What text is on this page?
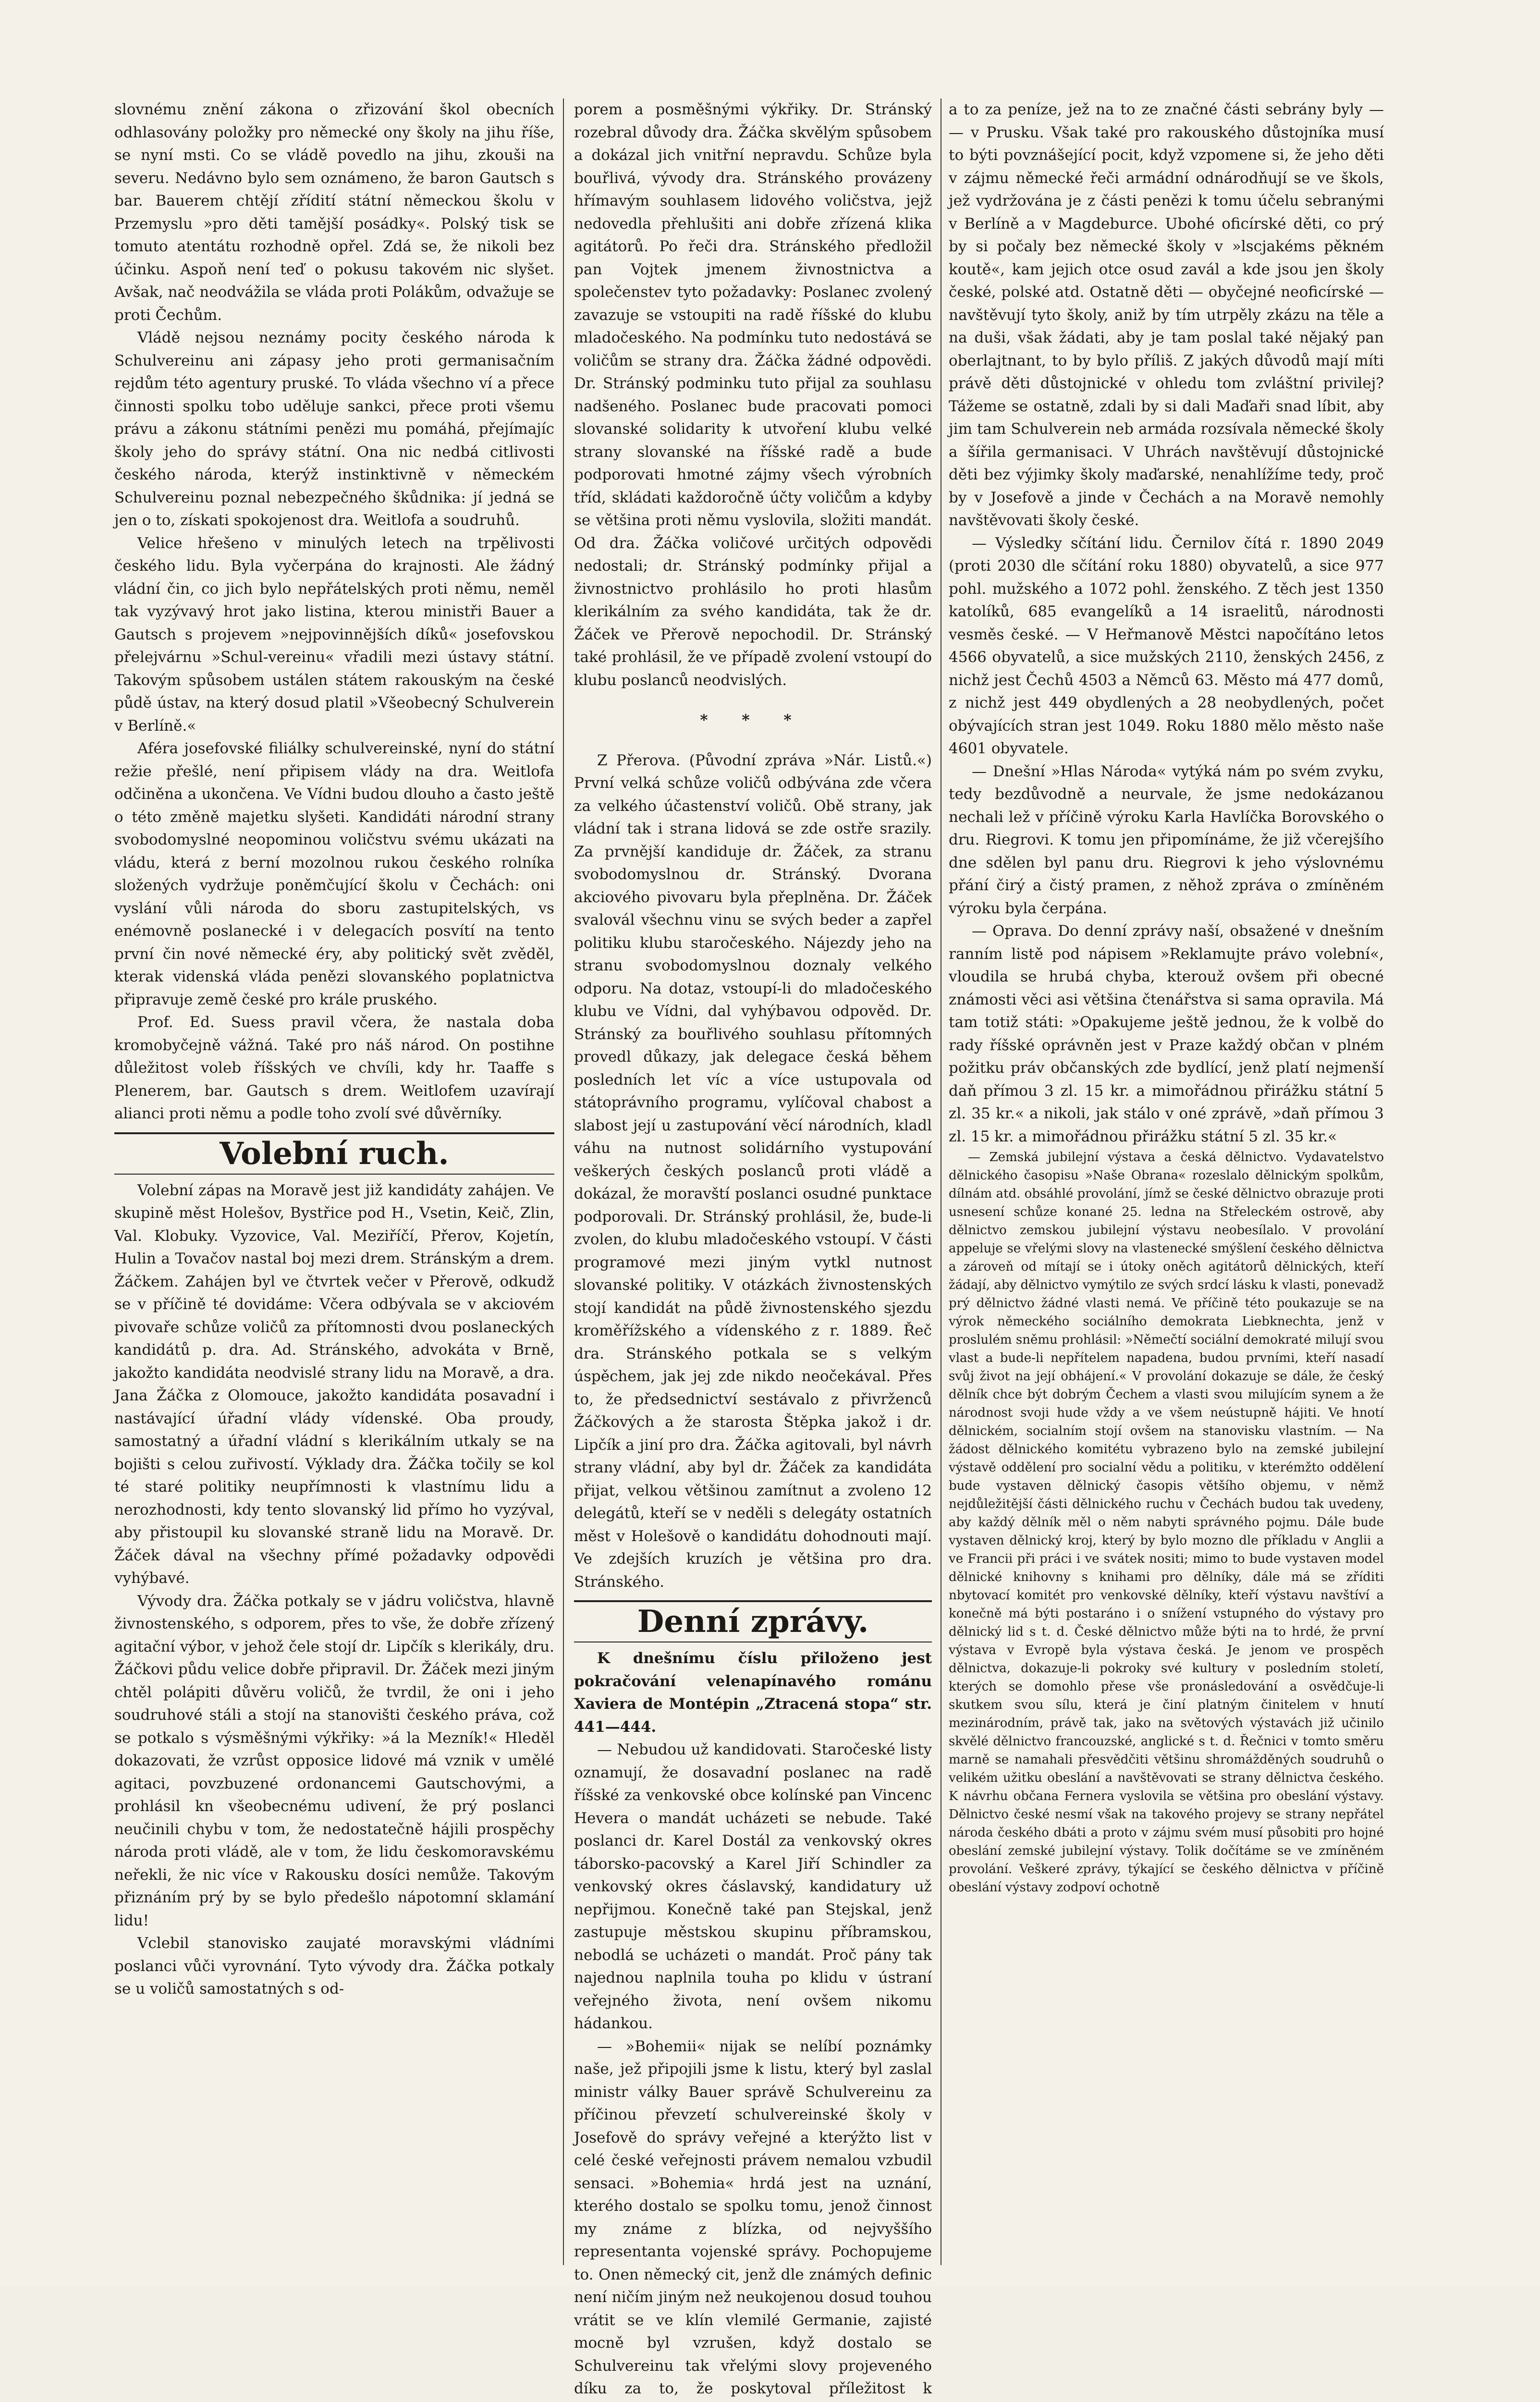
slovnému znění zákona o zřizování škol obecních odhlasovány položky pro německé ony školy na jihu říše, se nyní msti. Co se vládě povedlo na jihu, zkouši na severu. Nedávno bylo sem oznámeno, že baron Gautsch s bar. Bauerem chtějí zřídití státní německou školu v Przemyslu »pro děti tamější posádky«. Polský tisk se tomuto atentátu rozhodně opřel. Zdá se, že nikoli bez účinku. Aspoň není teď o pokusu takovém nic slyšet. Avšak, nač neodvážila se vláda proti Polákům, odvažuje se proti Čechům.

Vládě nejsou neznámy pocity českého národa k Schulvereinu ani zápasy jeho proti germanisačním rejdům této agentury pruské. To vláda všechno ví a přece činnosti spolku tobo uděluje sankci, přece proti všemu právu a zákonu státními penězi mu pomáhá, přejímajíc školy jeho do správy státní. Ona nic nedbá citlivosti českého národa, kterýž instinktivně v německém Schulvereinu poznal nebezpečného škůdnika: jí jedná se jen o to, získati spokojenost dra. Weitlofa a soudruhů.

Velice hřešeno v minulých letech na trpělivosti českého lidu. Byla vyčerpána do krajnosti. Ale žádný vládní čin, co jich bylo nepřátelských proti němu, neměl tak vyzývavý hrot jako listina, kterou ministři Bauer a Gautsch s projevem »nejpovinnějších díků« josefovskou přelejvárnu »Schul-vereinu« vřadili mezi ústavy státní. Takovým spůsobem ustálen státem rakouským na české půdě ústav, na který dosud platil »Všeobecný Schulverein v Berlíně.«

Aféra josefovské filiálky schulvereinské, nyní do státní režie přešlé, není připisem vlády na dra. Weitlofa odčiněna a ukončena. Ve Vídni budou dlouho a často ještě o této změně majetku slyšeti. Kandidáti národní strany svobodomyslné neopominou voličstvu svému ukázati na vládu, která z berní mozolnou rukou českého rolníka složených vydržuje poněmčující školu v Čechách: oni vyslání vůli národa do sboru zastupitelských, vs enémovně poslanecké i v delegacích posvítí na tento první čin nové německé éry, aby politický svět zvěděl, kterak videnská vláda penězi slovanského poplatnictva připravuje země české pro krále pruského.

Prof. Ed. Suess pravil včera, že nastala doba kromobyčejně vážná. Také pro náš národ. On postihne důležitost voleb říšských ve chvíli, kdy hr. Taaffe s Plenerem, bar. Gautsch s drem. Weitlofem uzavírají alianci proti němu a podle toho zvolí své důvěrníky.

Volební ruch.

Volební zápas na Moravě jest již kandidáty zahájen. Ve skupině měst Holešov, Bystřice pod H., Vsetin, Keič, Zlin, Val. Klobuky. Vyzovice, Val. Meziříčí, Přerov, Kojetín, Hulin a Tovačov nastal boj mezi drem. Stránským a drem. Žáčkem. Zahájen byl ve čtvrtek večer v Přerově, odkudž se v příčině té dovidáme: Včera odbývala se v akciovém pivovaře schůze voličů za přítomnosti dvou poslaneckých kandidátů p. dra. Ad. Stránského, advokáta v Brně, jakožto kandidáta neodvislé strany lidu na Moravě, a dra. Jana Žáčka z Olomouce, jakožto kandidáta posavadní i nastávající úřadní vlády vídenské. Oba proudy, samostatný a úřadní vládní s klerikálním utkaly se na bojišti s celou zuřivostí. Výklady dra. Žáčka točily se kol té staré politiky neupřímnosti k vlastnímu lidu a nerozhodnosti, kdy tento slovanský lid přímo ho vyzýval, aby přistoupil ku slovanské straně lidu na Moravě. Dr. Žáček dával na všechny přímé požadavky odpovědi vyhýbavé.

Vývody dra. Žáčka potkaly se v jádru voličstva, hlavně živnostenského, s odporem, přes to vše, že dobře zřízený agitační výbor, v jehož čele stojí dr. Lipčík s klerikály, dru. Žáčkovi půdu velice dobře připravil. Dr. Žáček mezi jiným chtěl polápiti důvěru voličů, že tvrdil, že oni i jeho soudruhové stáli a stojí na stanovišti českého práva, což se potkalo s výsměšnými výkřiky: »á la Mezník!« Hleděl dokazovati, že vzrůst opposice lidové má vznik v umělé agitaci, povzbuzené ordonancemi Gautschovými, a prohlásil kn všeobecnému udivení, že prý poslanci neučinili chybu v tom, že nedostatečně hájili prospěchy národa proti vládě, ale v tom, že lidu českomoravskému neřekli, že nic více v Rakousku dosíci nemůže. Takovým přiznáním prý by se bylo předešlo nápotomní sklamání lidu!

Vclebil stanovisko zaujaté moravskými vládními poslanci vůči vyrovnání. Tyto vývody dra. Žáčka potkaly se u voličů samostatných s od-

porem a posměšnými výkřiky. Dr. Stránský rozebral důvody dra. Žáčka skvělým spůsobem a dokázal jich vnitřní nepravdu. Schůze byla bouřlivá, vývody dra. Stránského provázeny hřímavým souhlasem lidového voličstva, jejž nedovedla přehlušiti ani dobře zřízená klika agitátorů. Po řeči dra. Stránského předložil pan Vojtek jmenem živnostnictva a společenstev tyto požadavky: Poslanec zvolený zavazuje se vstoupiti na radě říšské do klubu mladočeského. Na podmínku tuto nedostává se voličům se strany dra. Žáčka žádné odpovědi. Dr. Stránský podminku tuto přijal za souhlasu nadšeného. Poslanec bude pracovati pomoci slovanské solidarity k utvoření klubu velké strany slovanské na říšské radě a bude podporovati hmotné zájmy všech výrobních tříd, skládati každoročně účty voličům a kdyby se většina proti němu vyslovila, složiti mandát. Od dra. Žáčka voličové určitých odpovědi nedostali; dr. Stránský podmínky přijal a živnostnictvo prohlásilo ho proti hlasům klerikálním za svého kandidáta, tak že dr. Žáček ve Přerově nepochodil. Dr. Stránský také prohlásil, že ve případě zvolení vstoupí do klubu poslanců neodvislých.

* * *

Z Přerova. (Původní zpráva »Nár. Listů.«) První velká schůze voličů odbývána zde včera za velkého účastenství voličů. Obě strany, jak vládní tak i strana lidová se zde ostře srazily. Za prvnější kandiduje dr. Žáček, za stranu svobodomyslnou dr. Stránský. Dvorana akciového pivovaru byla přeplněna. Dr. Žáček svalovál všechnu vinu se svých beder a zapřel politiku klubu staročeského. Nájezdy jeho na stranu svobodomyslnou doznaly velkého odporu. Na dotaz, vstoupí-li do mladočeského klubu ve Vídni, dal vyhýbavou odpověd. Dr. Stránský za bouřlivého souhlasu přítomných provedl důkazy, jak delegace česká během posledních let víc a více ustupovala od státoprávního programu, vylíčoval chabost a slabost její u zastupování věcí národních, kladl váhu na nutnost solidárního vystupování veškerých českých poslanců proti vládě a dokázal, že moravští poslanci osudné punktace podporovali. Dr. Stránský prohlásil, že, bude-li zvolen, do klubu mladočeského vstoupí. V části programové mezi jiným vytkl nutnost slovanské politiky. V otázkách živnostenských stojí kandidát na půdě živnostenského sjezdu kroměřížského a vídenského z r. 1889. Řeč dra. Stránského potkala se s velkým úspěchem, jak jej zde nikdo neočekával. Přes to, že předsednictví sestávalo z přivrženců Žáčkových a že starosta Štěpka jakož i dr. Lipčík a jiní pro dra. Žáčka agitovali, byl návrh strany vládní, aby byl dr. Žáček za kandidáta přijat, velkou většinou zamítnut a zvoleno 12 delegátů, kteří se v neděli s delegáty ostatních měst v Holešově o kandidátu dohodnouti mají. Ve zdejších kruzích je většina pro dra. Stránského.

Denní zprávy.

K dnešnímu číslu přiloženo jest pokračování velenapínavého románu Xaviera de Montépin „Ztracená stopa“ str. 441—444.

— Nebudou už kandidovati. Staročeské listy oznamují, že dosavadní poslanec na radě říšské za venkovské obce kolínské pan Vincenc Hevera o mandát ucházeti se nebude. Také poslanci dr. Karel Dostál za venkovský okres táborsko-pacovský a Karel Jiří Schindler za venkovský okres čáslavský, kandidatury už nepřijmou. Konečně také pan Stejskal, jenž zastupuje městskou skupinu příbramskou, nebodlá se ucházeti o mandát. Proč pány tak najednou naplnila touha po klidu v ústraní veřejného života, není ovšem nikomu hádankou.

— »Bohemii« nijak se nelíbí poznámky naše, jež připojili jsme k listu, který byl zaslal ministr války Bauer správě Schulvereinu za příčinou převzetí schulvereinské školy v Josefově do správy veřejné a kterýžto list v celé české veřejnosti právem nemalou vzbudil sensaci. »Bohemia« hrdá jest na uznání, kterého dostalo se spolku tomu, jenož činnost my známe z blízka, od nejvyššího representanta vojenské správy. Pochopujeme to. Onen německý cit, jenž dle známých definic není ničím jiným než neukojenou dosud touhou vrátit se ve klín vlemilé Germanie, zajisté mocně byl vzrušen, když dostalo se Schulvereinu tak vřelými slovy projeveného díku za to, že poskytoval příležitost k

a to za peníze, jež na to ze značné části sebrány byly — — v Prusku. Však také pro rakouského důstojníka musí to býti povznášející pocit, když vzpomene si, že jeho děti v zájmu německé řeči armádní odnárodňují se ve škols, jež vydržována je z části penězi k tomu účelu sebranými v Berlíně a v Magdeburce. Ubohé oficírské děti, co prý by si počaly bez německé školy v »lscjakéms pěkném koutě«, kam jejich otce osud zavál a kde jsou jen školy české, polské atd. Ostatně děti — obyčejné neoficírské — navštěvují tyto školy, aniž by tím utrpěly zkázu na těle a na duši, však žádati, aby je tam poslal také nějaký pan oberlajtnant, to by bylo příliš. Z jakých důvodů mají míti právě děti důstojnické v ohledu tom zvláštní privilej? Tážeme se ostatně, zdali by si dali Maďaři snad líbit, aby jim tam Schulverein neb armáda rozsívala německé školy a šířila germanisaci. V Uhrách navštěvují důstojnické děti bez výjimky školy maďarské, nenahlížíme tedy, proč by v Josefově a jinde v Čechách a na Moravě nemohly navštěvovati školy české.

— Výsledky sčítání lidu. Černilov čítá r. 1890 2049 (proti 2030 dle sčítání roku 1880) obyvatelů, a sice 977 pohl. mužského a 1072 pohl. ženského. Z těch jest 1350 katolíků, 685 evangelíků a 14 israelitů, národnosti vesměs české. — V Heřmanově Městci napočítáno letos 4566 obyvatelů, a sice mužských 2110, ženských 2456, z nichž jest Čechů 4503 a Němců 63. Město má 477 domů, z nichž jest 449 obydlených a 28 neobydlených, počet obývajících stran jest 1049. Roku 1880 mělo město naše 4601 obyvatele.

— Dnešní »Hlas Národa« vytýká nám po svém zvyku, tedy bezdůvodně a neurvale, že jsme nedokázanou nechali lež v příčině výroku Karla Havlíčka Borovského o dru. Riegrovi. K tomu jen připomínáme, že již včerejšího dne sdělen byl panu dru. Riegrovi k jeho výslovnému přání čirý a čistý pramen, z něhož zpráva o zmíněném výroku byla čerpána.

— Oprava. Do denní zprávy naší, obsažené v dnešním ranním listě pod nápisem »Reklamujte právo volební«, vloudila se hrubá chyba, kterouž ovšem při obecné známosti věci asi většina čtenářstva si sama opravila. Má tam totiž státi: »Opakujeme ještě jednou, že k volbě do rady říšské oprávněn jest v Praze každý občan v plném požitku práv občanských zde bydlící, jenž platí nejmenší daň přímou 3 zl. 15 kr. a mimořádnou přirážku státní 5 zl. 35 kr.« a nikoli, jak stálo v oné zprávě, »daň přímou 3 zl. 15 kr. a mimořádnou přirážku státní 5 zl. 35 kr.«

— Zemská jubilejní výstava a česká dělnictvo. Vydavatelstvo dělnického časopisu »Naše Obrana« rozeslalo dělnickým spolkům, dílnám atd. obsáhlé provolání, jímž se české dělnictvo obrazuje proti usnesení schůze konané 25. ledna na Střeleckém ostrově, aby dělnictvo zemskou jubilejní výstavu neobesílalo. V provolání appeluje se vřelými slovy na vlastenecké smýšlení českého dělnictva a zároveň od mítají se i útoky oněch agitátorů dělnických, kteří žádají, aby dělnictvo vymýtilo ze svých srdcí lásku k vlasti, ponevadž prý dělnictvo žádné vlasti nemá. Ve příčině této poukazuje se na výrok německého sociálního demokrata Liebknechta, jenž v proslulém sněmu prohlásil: »Němečtí sociální demokraté milují svou vlast a bude-li nepřítelem napadena, budou prvními, kteří nasadí svůj život na její obhájení.« V provolání dokazuje se dále, že český dělník chce být dobrým Čechem a vlasti svou milujícím synem a že národnost svoji hude vždy a ve všem neústupně hájiti. Ve hnotí dělnickém, socialním stojí ovšem na stanovisku vlastním. — Na žádost dělnického komitétu vybrazeno bylo na zemské jubilejní výstavě oddělení pro socialní vědu a politiku, v kterémžto oddělení bude vystaven dělnický časopis většího objemu, v němž nejdůležitější části dělnického ruchu v Čechách budou tak uvedeny, aby každý dělník měl o něm nabyti správného pojmu. Dále bude vystaven dělnický kroj, který by bylo mozno dle příkladu v Anglii a ve Francii při práci i ve svátek nositi; mimo to bude vystaven model dělnické knihovny s knihami pro dělníky, dále má se zříditi nbytovací komitét pro venkovské dělníky, kteří výstavu navštíví a konečně má býti postaráno i o snížení vstupného do výstavy pro dělnický lid s t. d. České dělnictvo může býti na to hrdé, že první výstava v Evropě byla výstava česká. Je jenom ve prospěch dělnictva, dokazuje-li pokroky své kultury v posledním století, kterých se domohlo přese vše pronásledování a osvědčuje-li skutkem svou sílu, která je činí platným činitelem v hnutí mezinárodním, právě tak, jako na světových výstavách již učinilo skvělé dělnictvo francouzské, anglické s t. d. Řečnici v tomto směru marně se namahali přesvědčiti většinu shromážděných soudruhů o velikém užitku obeslání a navštěvovati se strany dělnictva českého. K návrhu občana Fernera vyslovila se většina pro obeslání výstavy. Dělnictvo české nesmí však na takového projevy se strany nepřátel národa českého dbáti a proto v zájmu svém musí působiti pro hojné obeslání zemské jubilejní výstavy. Tolik dočítáme se ve zmíněném provolání. Veškeré zprávy, týkající se českého dělnictva v příčině obeslání výstavy zodpoví ochotně
